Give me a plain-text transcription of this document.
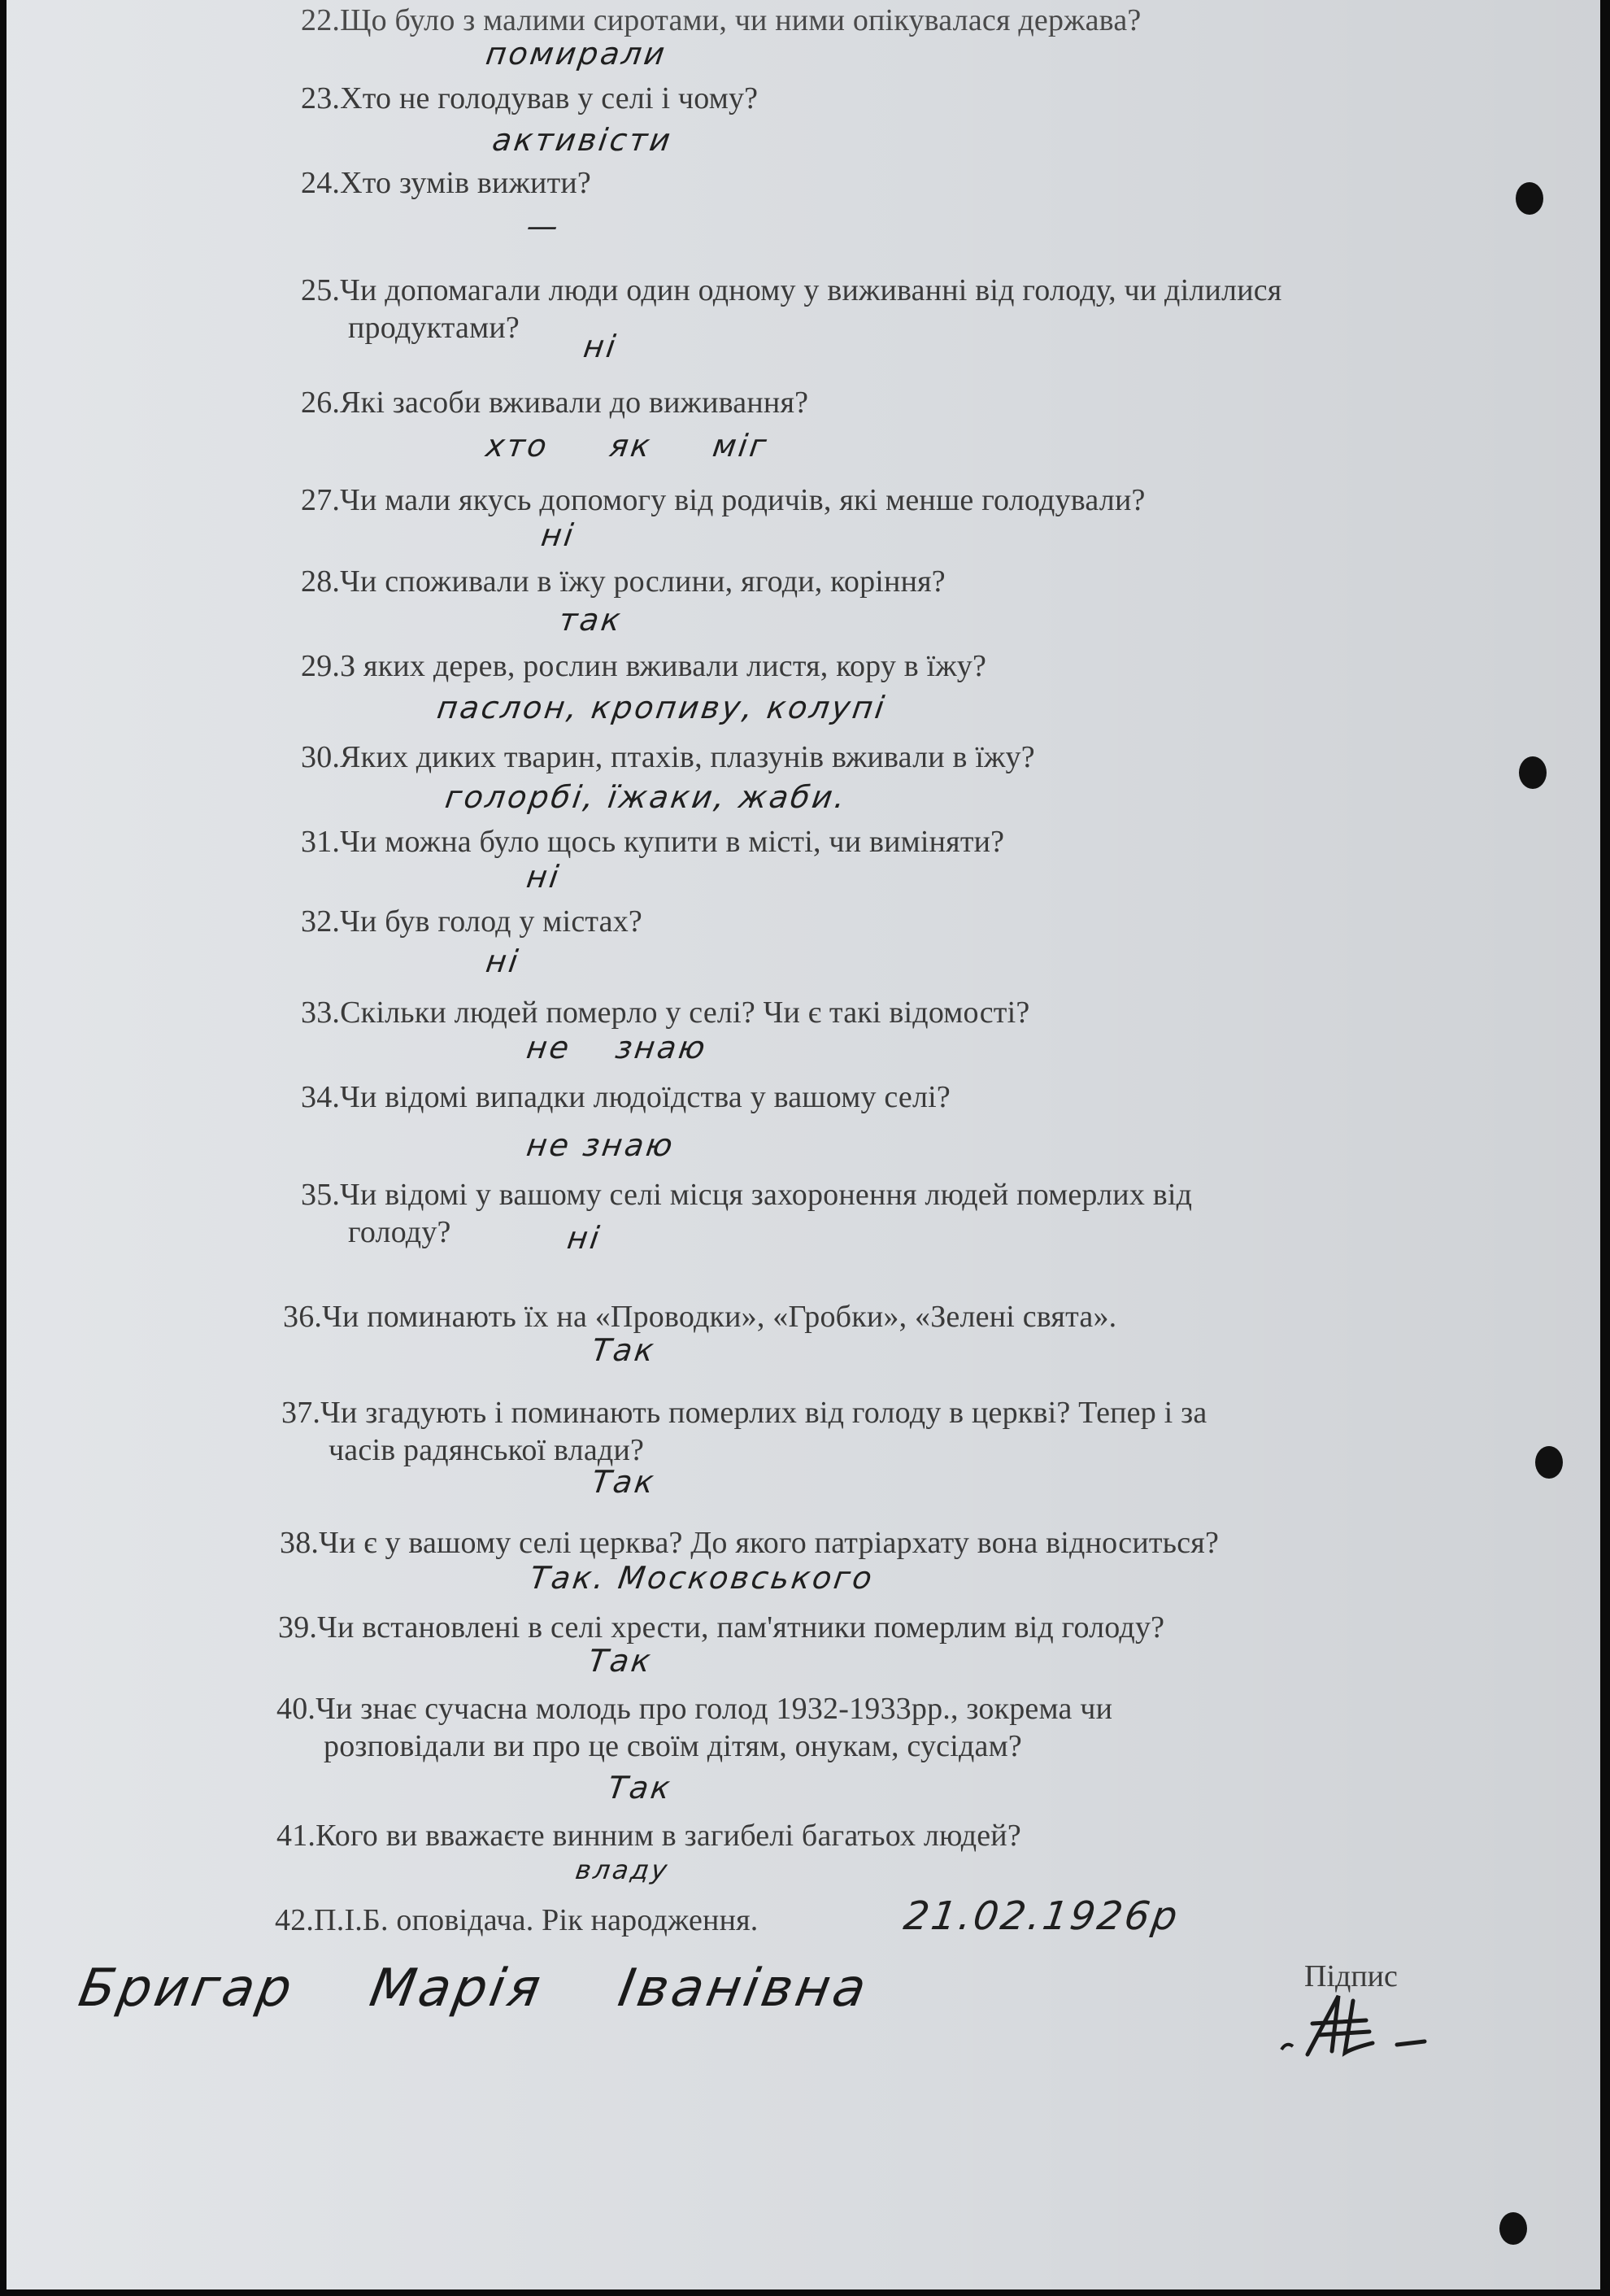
22.Що було з малими сиротами, чи ними опікувалася держава?
23.Хто не голодував у селі і чому?
24.Хто зумів вижити?
25.Чи допомагали люди один одному у виживанні від голоду, чи ділилися
продуктами?
26.Які засоби вживали до виживання?
27.Чи мали якусь допомогу від родичів, які менше голодували?
28.Чи споживали в їжу рослини, ягоди, коріння?
29.З яких дерев, рослин вживали листя, кору в їжу?
30.Яких диких тварин, птахів, плазунів вживали в їжу?
31.Чи можна було щось купити в місті, чи виміняти?
32.Чи був голод у містах?
33.Скільки людей померло у селі? Чи є такі відомості?
34.Чи відомі випадки людоїдства у вашому селі?
35.Чи відомі у вашому селі місця захоронення людей померлих від
голоду?
36.Чи поминають їх на «Проводки», «Гробки», «Зелені свята».
37.Чи згадують і поминають померлих від голоду в церкві? Тепер і за
часів радянської влади?
38.Чи є у вашому селі церква? До якого патріархату вона відноситься?
39.Чи встановлені в селі хрести, пам'ятники померлим від голоду?
40.Чи знає сучасна молодь про голод 1932-1933рр., зокрема чи
розповідали ви про це своїм дітям, онукам, сусідам?
41.Кого ви вважаєте винним в загибелі багатьох людей?
42.П.І.Б. оповідача. Рік народження.
помирали
активісти
—
ні
хто як міг
ні
так
паслон, кропиву, колупі
голорбі, їжаки, жаби.
ні
ні
не знаю
не знаю
ні
Так
Так
Так. Московського
Так
Так
владу
21.02.1926р
Бригар Марія Іванівна	Підпис
